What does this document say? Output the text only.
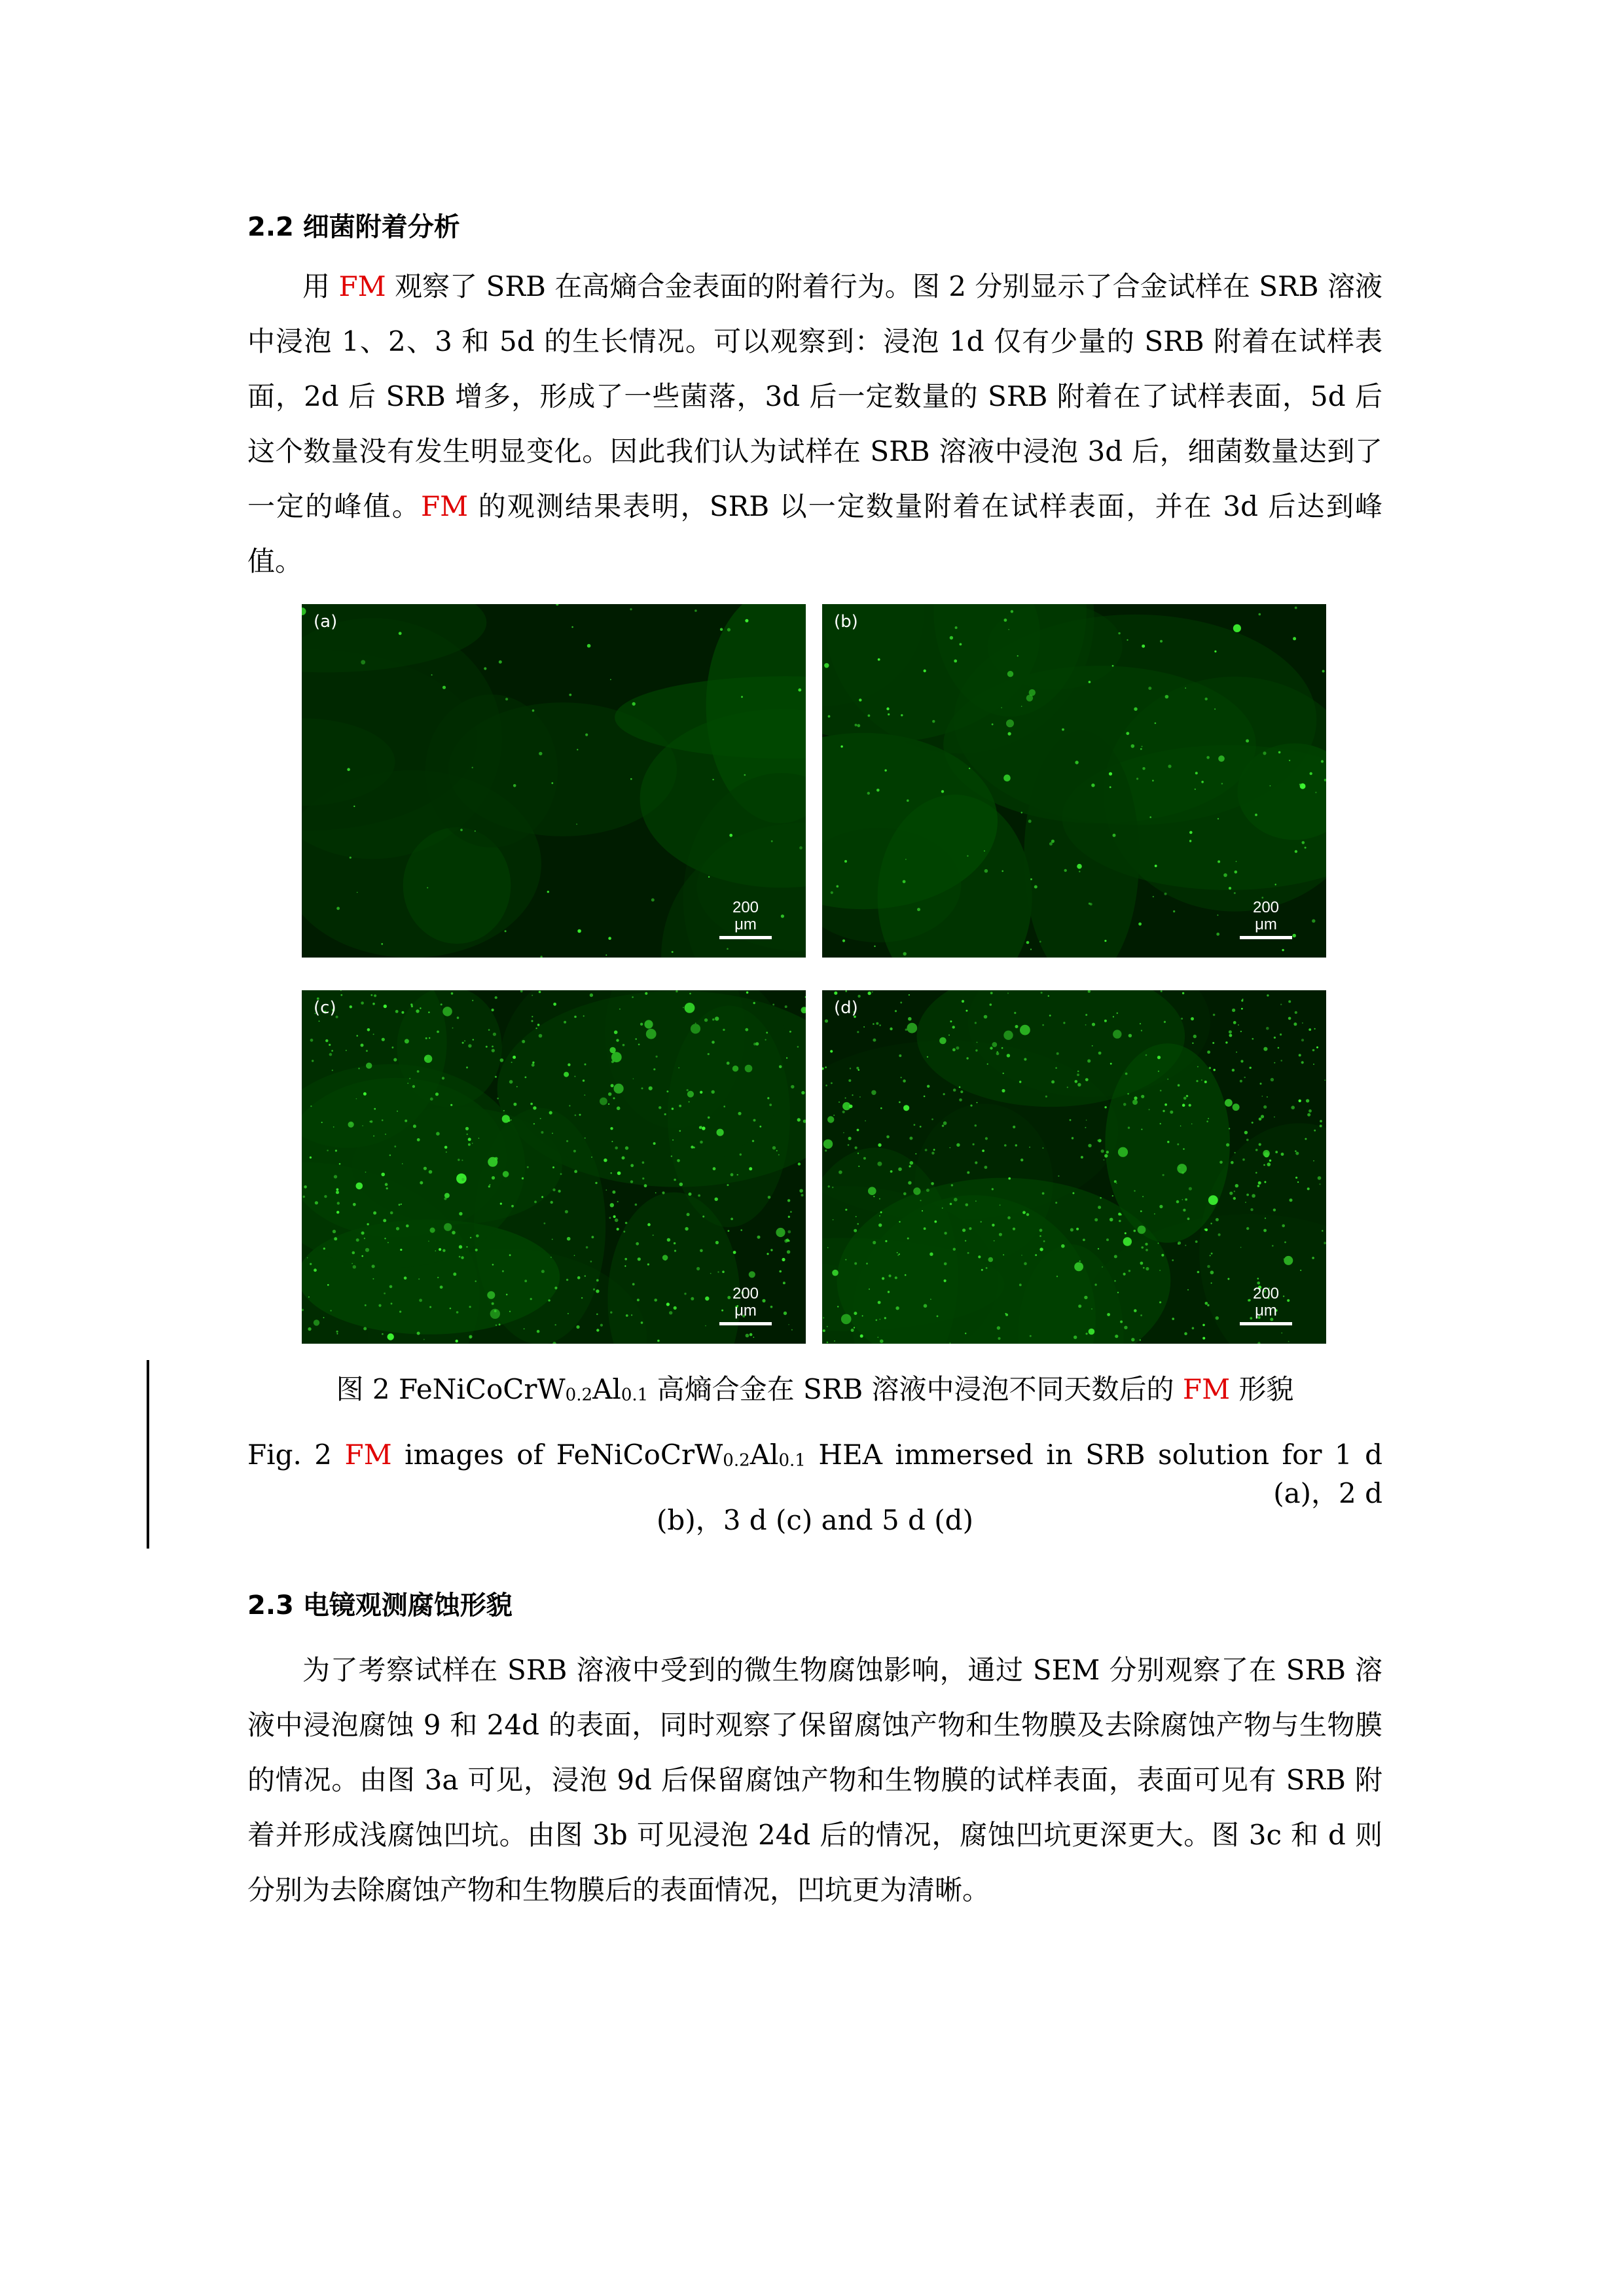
2.2 细菌附着分析

用 FM 观察了 SRB 在高熵合金表面的附着行为。图 2 分别显示了合金试样在 SRB 溶液中浸泡 1、2、3 和 5d 的生长情况。可以观察到：浸泡 1d 仅有少量的 SRB 附着在试样表面，2d 后 SRB 增多，形成了一些菌落，3d 后一定数量的 SRB 附着在了试样表面，5d 后这个数量没有发生明显变化。因此我们认为试样在 SRB 溶液中浸泡 3d 后，细菌数量达到了一定的峰值。FM 的观测结果表明，SRB 以一定数量附着在试样表面，并在 3d 后达到峰值。

(a)
200 μm
(b)
200 μm
(c)
200 μm
(d)
200 μm
图 2 $FeNiCoCrW_{0.2}Al_{0.1}$ 高熵合金在 SRB 溶液中浸泡不同天数后的 FM 形貌
Fig. 2 FM images of $FeNiCoCrW_{0.2}Al_{0.1}$ HEA immersed in SRB solution for 1 d (a)，2 d
(b)，3 d (c) and 5 d (d)
2.3 电镜观测腐蚀形貌

为了考察试样在 SRB 溶液中受到的微生物腐蚀影响，通过 SEM 分别观察了在 SRB 溶液中浸泡腐蚀 9 和 24d 的表面，同时观察了保留腐蚀产物和生物膜及去除腐蚀产物与生物膜的情况。由图 3a 可见，浸泡 9d 后保留腐蚀产物和生物膜的试样表面，表面可见有 SRB 附着并形成浅腐蚀凹坑。由图 3b 可见浸泡 24d 后的情况，腐蚀凹坑更深更大。图 3c 和 d 则分别为去除腐蚀产物和生物膜后的表面情况，凹坑更为清晰。
